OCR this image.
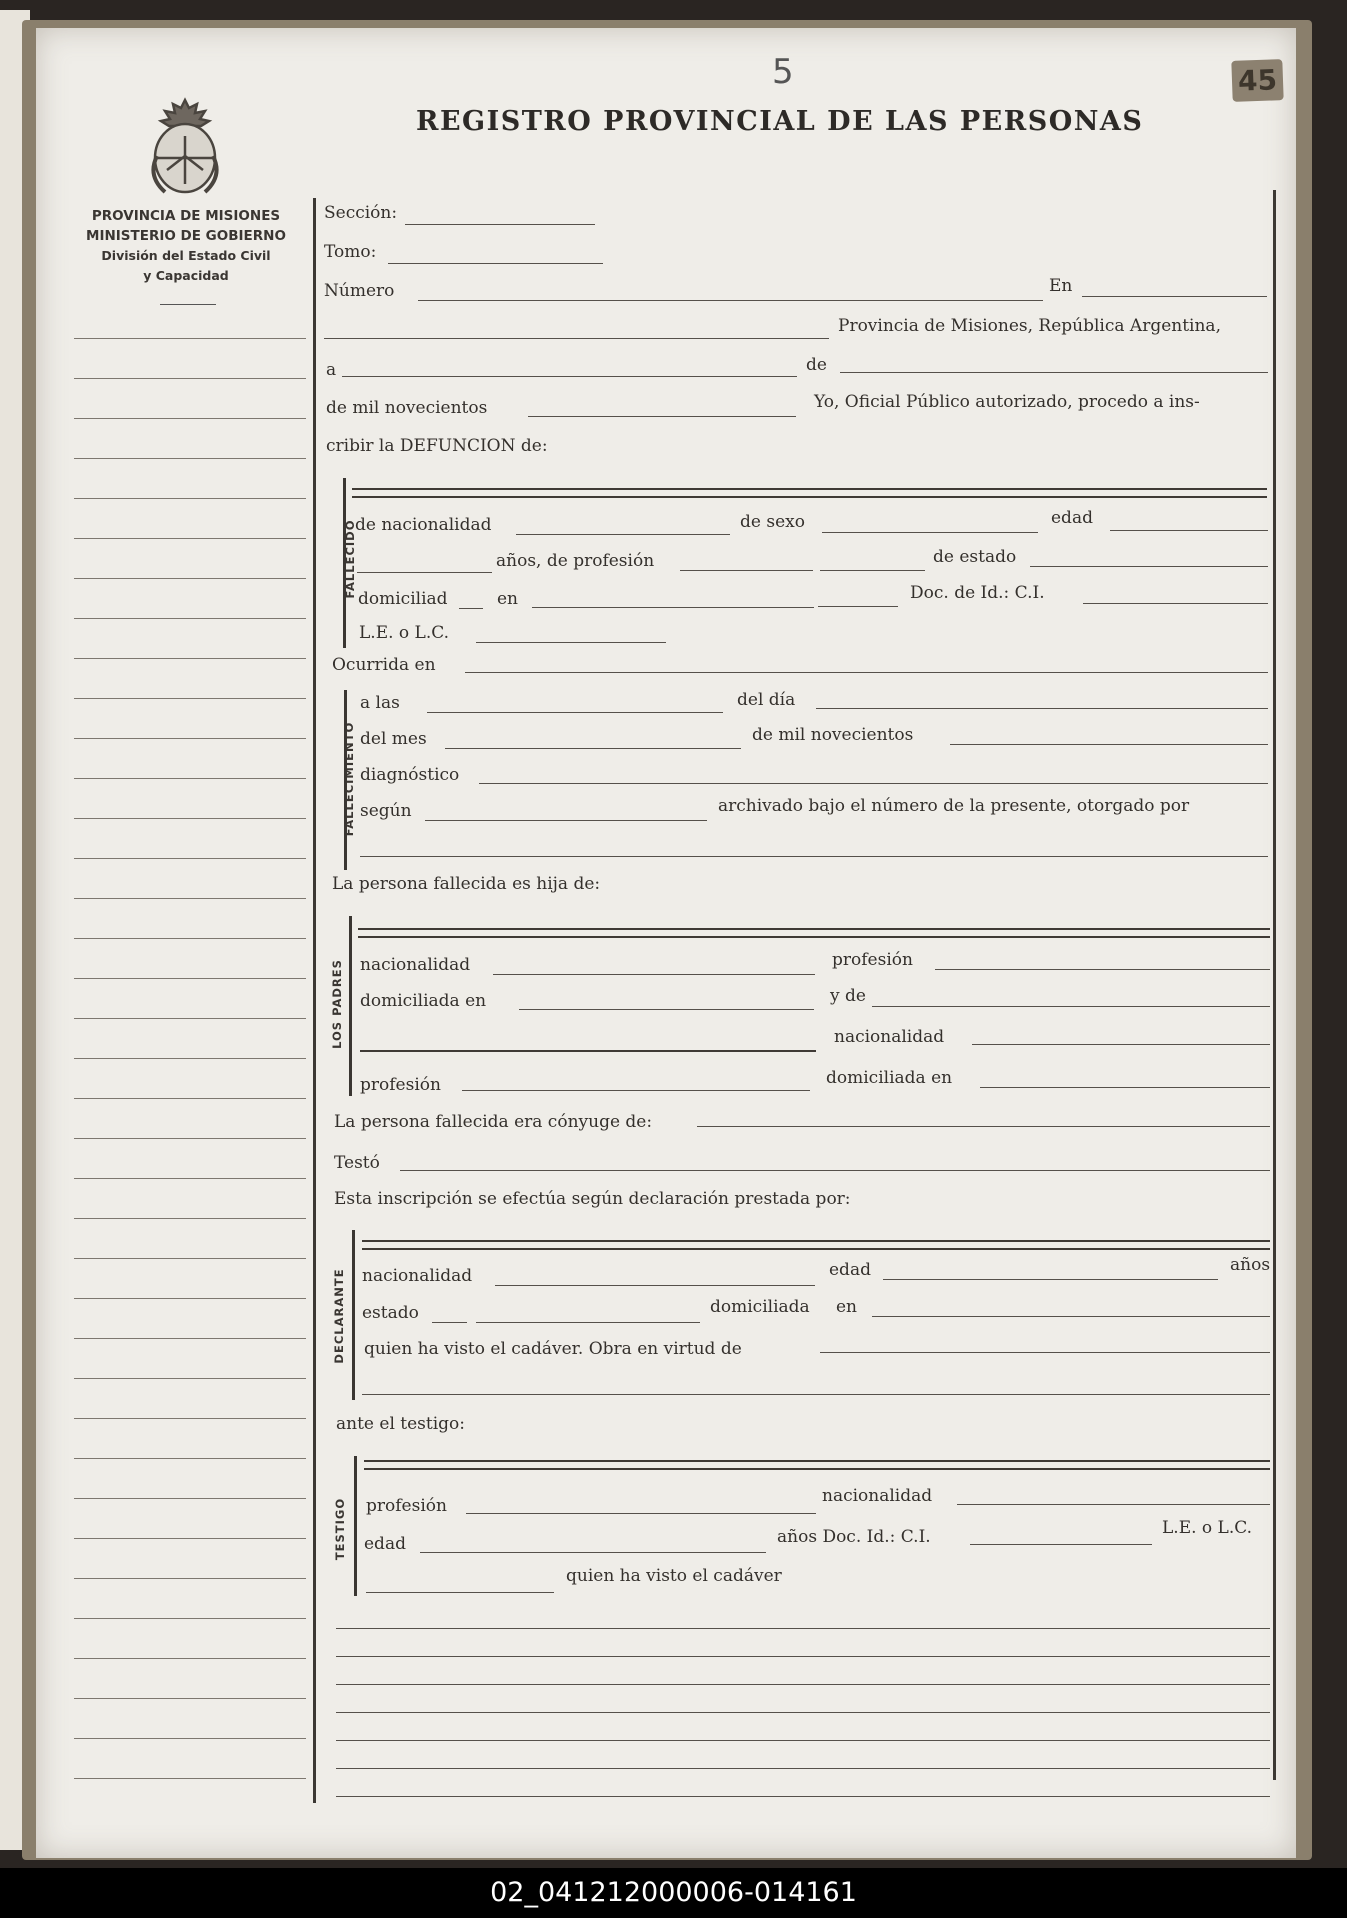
5	45
REGISTRO PROVINCIAL DE LAS PERSONAS
PROVINCIA DE MISIONES
MINISTERIO DE GOBIERNO
División del Estado Civil
y Capacidad
Sección:
Tomo:
Número	En
Provincia de Misiones, República Argentina,
a	de
de mil novecientos	Yo, Oficial Público autorizado, procedo a ins-
cribir la DEFUNCION de:
FALLECIDO
de nacionalidad	de sexo	edad
años, de profesión	de estado
domiciliad	en	Doc. de Id.: C.I.
L.E. o L.C.
Ocurrida en
FALLECIMIENTO
a las	del día
del mes	de mil novecientos
diagnóstico
según	archivado bajo el número de la presente, otorgado por
La persona fallecida es hija de:
LOS PADRES nacionalidad	profesión
domiciliada en	y de
nacionalidad
profesión	domiciliada en
La persona fallecida era cónyuge de:
Testó
Esta inscripción se efectúa según declaración prestada por:
DECLARANTE nacionalidad	edad	años
estado	domiciliada en
quien ha visto el cadáver. Obra en virtud de
ante el testigo:
TESTIGO profesión	nacionalidad
edad	años Doc. Id.: C.I.	L.E. o L.C.
quien ha visto el cadáver
02_041212000006-014161
